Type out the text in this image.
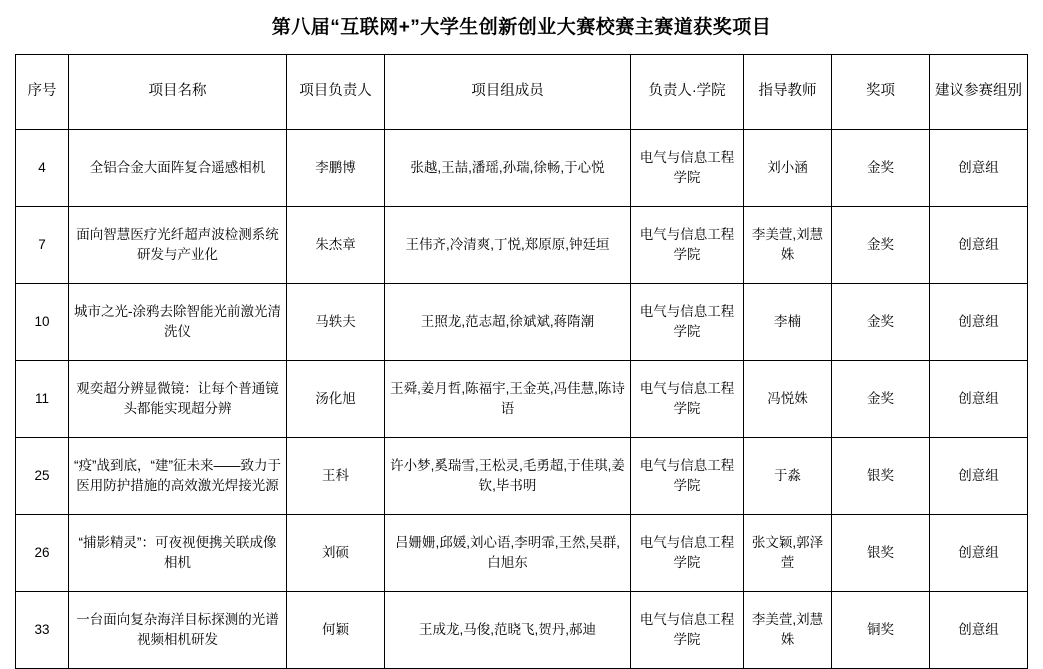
第八届“互联网+”大学生创新创业大赛校赛主赛道获奖项目
序号	项目名称	项目负责人	项目组成员	负责人·学院	指导教师	奖项	建议参赛组别
4	全铝合金大面阵复合遥感相机	李鹏博	张越,王喆,潘瑶,孙瑞,徐畅,于心悦	电气与信息工程学院	刘小涵	金奖	创意组
7	面向智慧医疗光纤超声波检测系统研发与产业化	朱杰章	王伟齐,冷清爽,丁悦,郑原原,钟廷垣	电气与信息工程学院	李美萱,刘慧姝	金奖	创意组
10	城市之光-涂鸦去除智能光前激光清洗仪	马轶夫	王照龙,范志超,徐斌斌,蒋隋潮	电气与信息工程学院	李楠	金奖	创意组
11	观奕超分辨显微镜：让每个普通镜头都能实现超分辨	汤化旭	王舜,姜月哲,陈福宇,王金英,冯佳慧,陈诗语	电气与信息工程学院	冯悦姝	金奖	创意组
25	“疫”战到底，“建”征未来——致力于医用防护措施的高效激光焊接光源	王科	许小梦,奚瑞雪,王松灵,毛勇超,于佳琪,姜钦,毕书明	电气与信息工程学院	于淼	银奖	创意组
26	“捕影精灵”：可夜视便携关联成像相机	刘硕	吕姗姗,邱媛,刘心语,李明霏,王然,吴群,白旭东	电气与信息工程学院	张文颖,郭泽萱	银奖	创意组
33	一台面向复杂海洋目标探测的光谱视频相机研发	何颖	王成龙,马俊,范晓飞,贺丹,郝迪	电气与信息工程学院	李美萱,刘慧姝	铜奖	创意组
